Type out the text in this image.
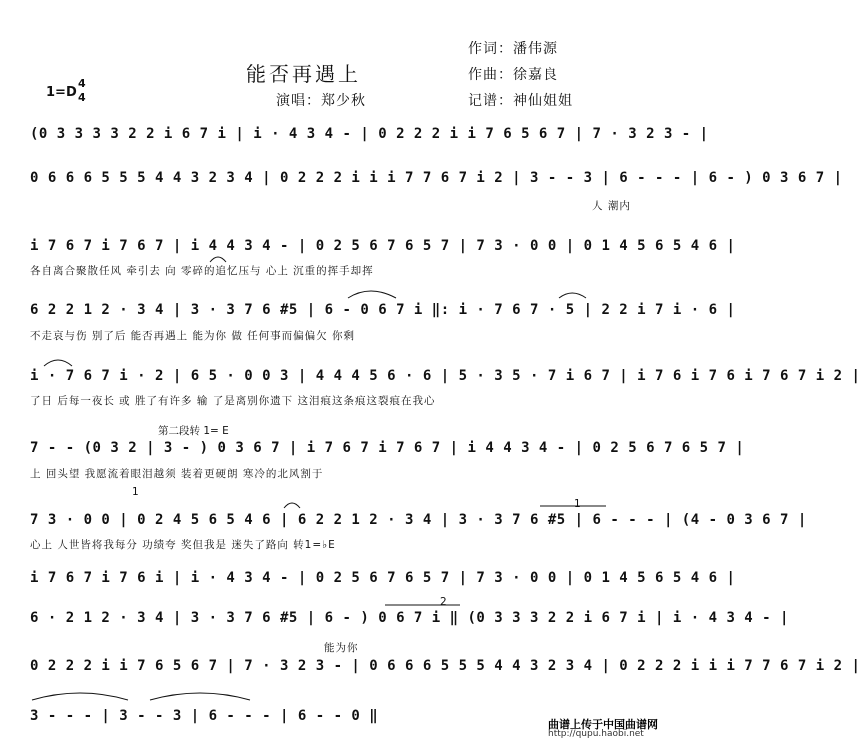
能否再遇上
演唱：郑少秋
作词：潘伟源
作曲：徐嘉良
记谱：神仙姐姐
1=D
4
4
(0 3 3 3 3 2 2 i 6 7 i | i · 4 3 4 - | 0 2 2 2 i i 7 6 5 6 7 | 7 · 3 2 3 - |
0 6 6 6 5 5 5 4 4 3 2 3 4 | 0 2 2 2 i i i 7 7 6 7 i 2 | 3 - - 3 | 6 - - - | 6 - ) 0 3 6 7 |
人 潮内
i 7 6 7 i 7 6 7 | i 4 4 3 4 - | 0 2 5 6 7 6 5 7 | 7 3 · 0 0 | 0 1 4 5 6 5 4 6 |
各自离合聚散任风 牵引去 向 零碎的追忆压与 心上 沉重的挥手却挥
6 2 2 1 2 · 3 4 | 3 · 3 7 6 #5 | 6 - 0 6 7 i ‖: i · 7 6 7 · 5 | 2 2 i 7 i · 6 |
不走哀与伤 别了后 能否再遇上 能为你 做 任何事而偏偏欠 你剩
i · 7 6 7 i · 2 | 6 5 · 0 0 3 | 4 4 4 5 6 · 6 | 5 · 3 5 · 7 i 6 7 | i 7 6 i 7 6 i 7 6 7 i 2 |
了日 后每一夜长 或 胜了有许多 输 了是离别你遗下 这泪痕这条痕这裂痕在我心
第二段转 1= E
7 - - (0 3 2 | 3 - ) 0 3 6 7 | i 7 6 7 i 7 6 7 | i 4 4 3 4 - | 0 2 5 6 7 6 5 7 |
上 回头望 我愿流着眼泪越须 装着更硬朗 寒冷的北风割于
1
1
7 3 · 0 0 | 0 2 4 5 6 5 4 6 | 6 2 2 1 2 · 3 4 | 3 · 3 7 6 #5 | 6 - - - | (4 - 0 3 6 7 |
心上 人世皆将我每分 功绩夸 奖但我是 迷失了路向 转1=♭E
i 7 6 7 i 7 6 i | i · 4 3 4 - | 0 2 5 6 7 6 5 7 | 7 3 · 0 0 | 0 1 4 5 6 5 4 6 |
2
6 · 2 1 2 · 3 4 | 3 · 3 7 6 #5 | 6 - ) 0 6 7 i ‖ (0 3 3 3 2 2 i 6 7 i | i · 4 3 4 - |
能为你
0 2 2 2 i i 7 6 5 6 7 | 7 · 3 2 3 - | 0 6 6 6 5 5 5 4 4 3 2 3 4 | 0 2 2 2 i i i 7 7 6 7 i 2 |
3 - - - | 3 - - 3 | 6 - - - | 6 - - 0 ‖
曲谱上传于中国曲谱网
http://qupu.haobi.net
